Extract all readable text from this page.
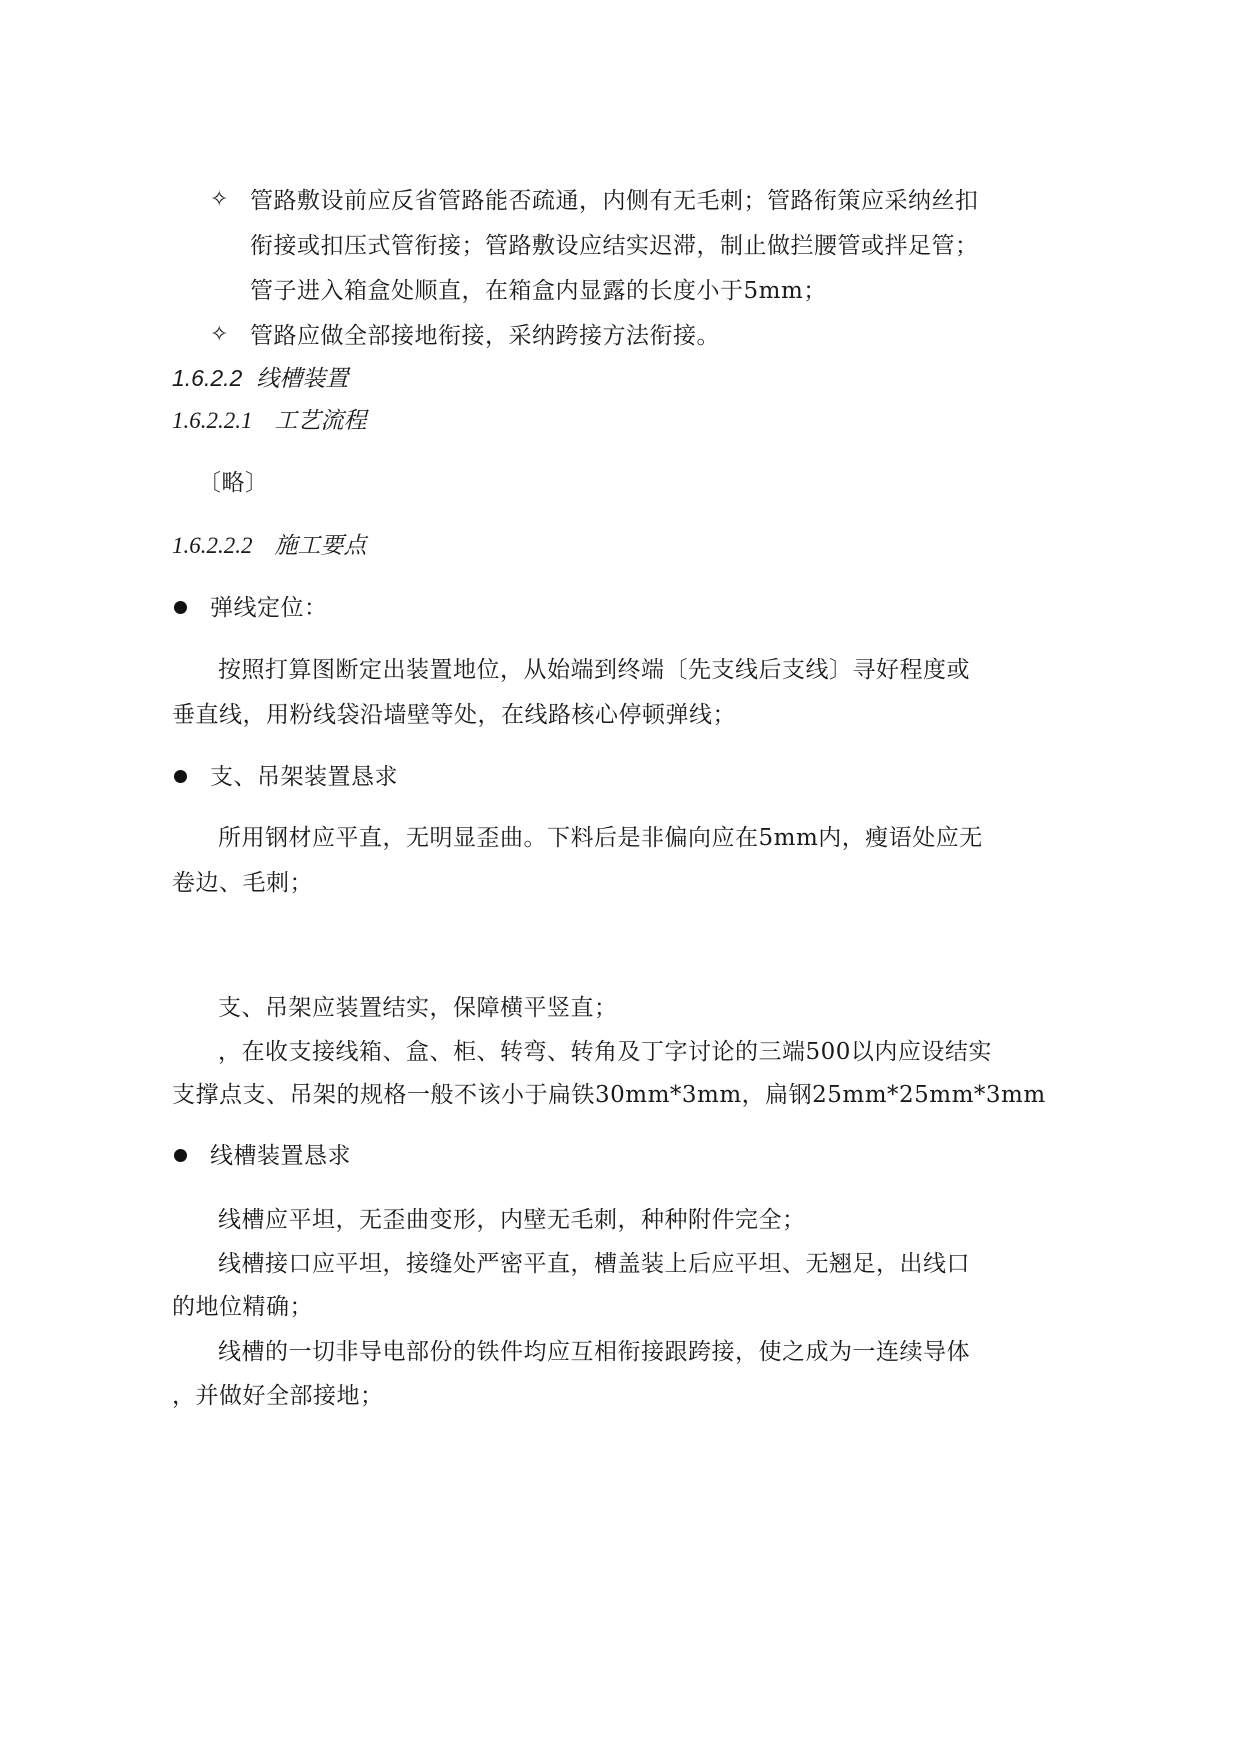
✧ 管路敷设前应反省管路能否疏通，内侧有无毛刺；管路衔策应采纳丝扣
衔接或扣压式管衔接；管路敷设应结实迟滞，制止做拦腰管或拌足管；
管子进入箱盒处顺直，在箱盒内显露的长度小于5mm；
✧ 管路应做全部接地衔接，采纳跨接方法衔接。
1.6.2.2 线槽装置
1.6.2.2.1 工艺流程
〔略〕
1.6.2.2.2 施工要点
弹线定位：
按照打算图断定出装置地位，从始端到终端〔先支线后支线〕寻好程度或
垂直线，用粉线袋沿墙壁等处，在线路核心停顿弹线；
支、吊架装置恳求
所用钢材应平直，无明显歪曲。下料后是非偏向应在5mm内，瘦语处应无
卷边、毛刺；
支、吊架应装置结实，保障横平竖直；
，在收支接线箱、盒、柜、转弯、转角及丁字讨论的三端500以内应设结实
支撑点支、吊架的规格一般不该小于扁铁30mm*3mm，扁钢25mm*25mm*3mm
线槽装置恳求
线槽应平坦，无歪曲变形，内壁无毛刺，种种附件完全；
线槽接口应平坦，接缝处严密平直，槽盖装上后应平坦、无翘足，出线口
的地位精确；
线槽的一切非导电部份的铁件均应互相衔接跟跨接，使之成为一连续导体
，并做好全部接地；
